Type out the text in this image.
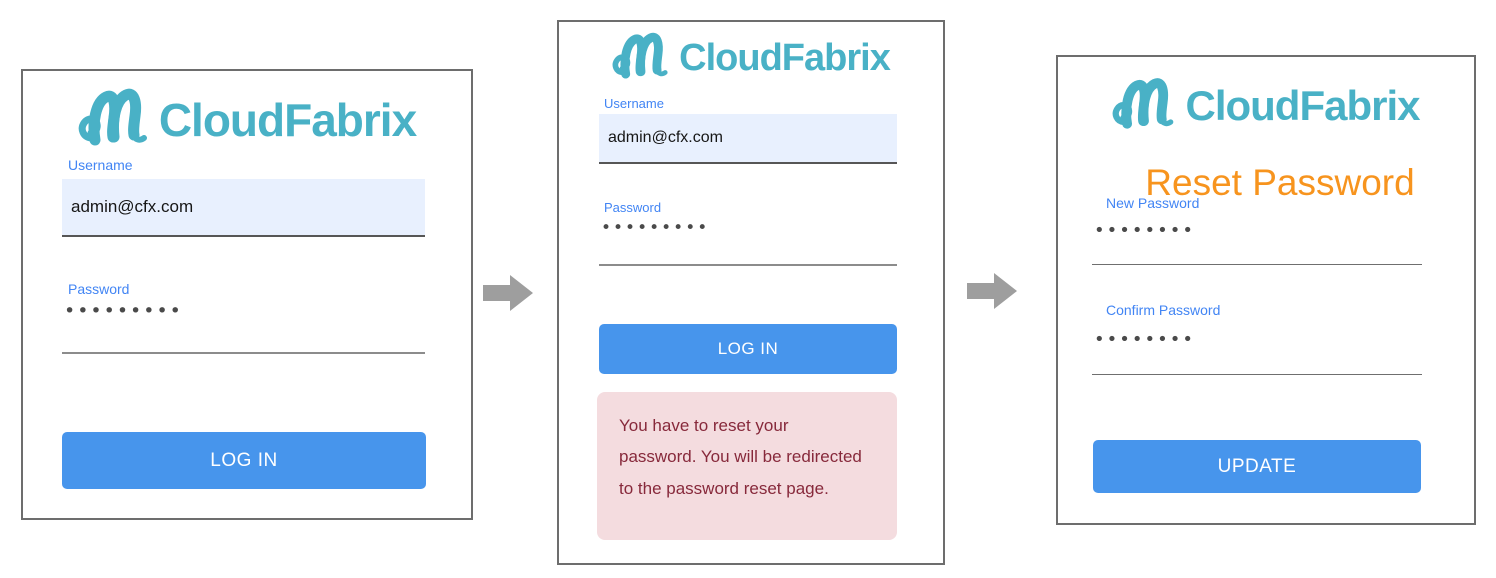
CloudFabrix
Username
admin@cfx.com
Password
•••••••••
LOG IN
CloudFabrix
Username
admin@cfx.com
Password
•••••••••
LOG IN
You have to reset your password. You will be redirected to the password reset page.
CloudFabrix
Reset Password
New Password
••••••••
Confirm Password
••••••••
UPDATE
